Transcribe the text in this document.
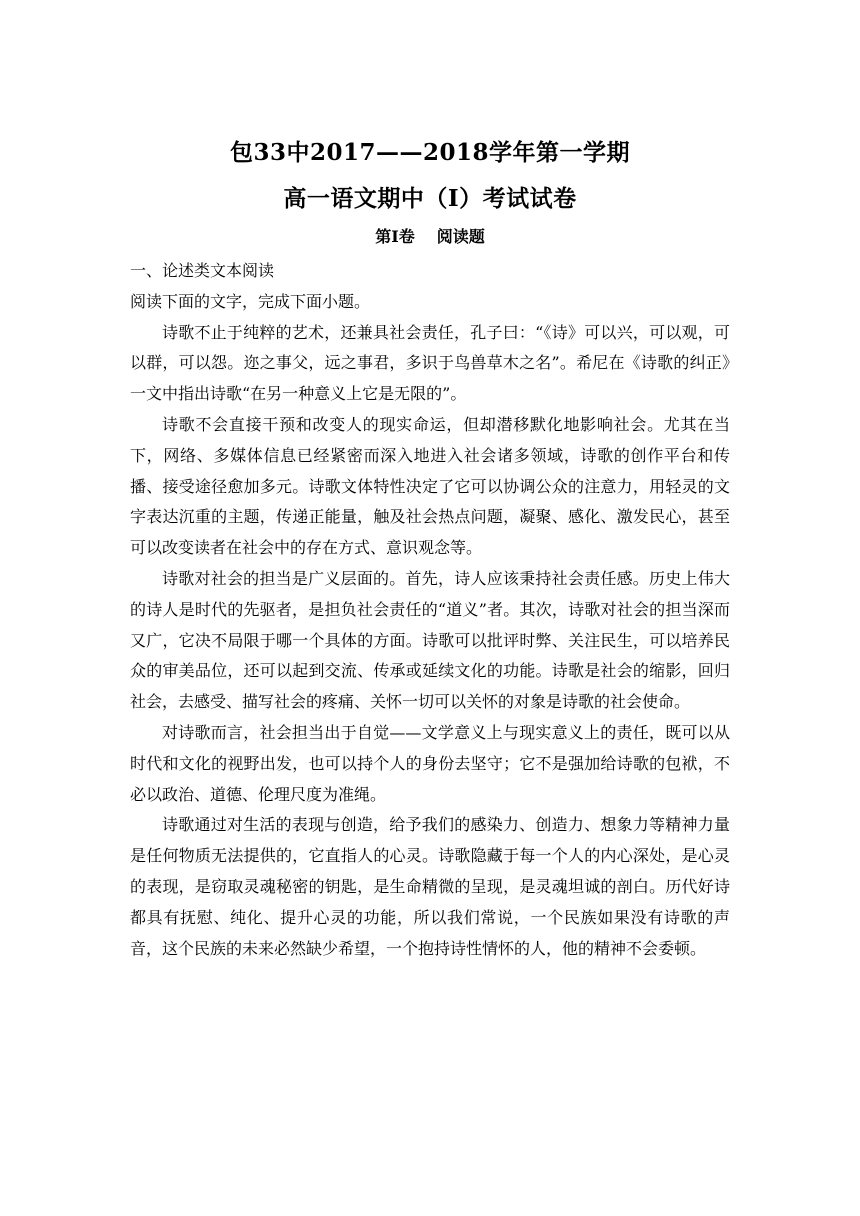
包33中2017——2018学年第一学期
高一语文期中（Ⅰ）考试试卷
第Ⅰ卷 阅读题

一、论述类文本阅读

阅读下面的文字，完成下面小题。

诗歌不止于纯粹的艺术，还兼具社会责任，孔子曰：“《诗》可以兴，可以观，可以群，可以怨。迩之事父，远之事君，多识于鸟兽草木之名”。希尼在《诗歌的纠正》一文中指出诗歌“在另一种意义上它是无限的”。

诗歌不会直接干预和改变人的现实命运，但却潜移默化地影响社会。尤其在当下，网络、多媒体信息已经紧密而深入地进入社会诸多领域，诗歌的创作平台和传播、接受途径愈加多元。诗歌文体特性决定了它可以协调公众的注意力，用轻灵的文字表达沉重的主题，传递正能量，触及社会热点问题，凝聚、感化、激发民心，甚至可以改变读者在社会中的存在方式、意识观念等。

诗歌对社会的担当是广义层面的。首先，诗人应该秉持社会责任感。历史上伟大的诗人是时代的先驱者，是担负社会责任的“道义”者。其次，诗歌对社会的担当深而又广，它决不局限于哪一个具体的方面。诗歌可以批评时弊、关注民生，可以培养民众的审美品位，还可以起到交流、传承或延续文化的功能。诗歌是社会的缩影，回归社会，去感受、描写社会的疼痛、关怀一切可以关怀的对象是诗歌的社会使命。

对诗歌而言，社会担当出于自觉——文学意义上与现实意义上的责任，既可以从时代和文化的视野出发，也可以持个人的身份去坚守；它不是强加给诗歌的包袱，不必以政治、道德、伦理尺度为准绳。

诗歌通过对生活的表现与创造，给予我们的感染力、创造力、想象力等精神力量是任何物质无法提供的，它直指人的心灵。诗歌隐藏于每一个人的内心深处，是心灵的表现，是窃取灵魂秘密的钥匙，是生命精微的呈现，是灵魂坦诚的剖白。历代好诗都具有抚慰、纯化、提升心灵的功能，所以我们常说，一个民族如果没有诗歌的声音，这个民族的未来必然缺少希望，一个抱持诗性情怀的人，他的精神不会委顿。
